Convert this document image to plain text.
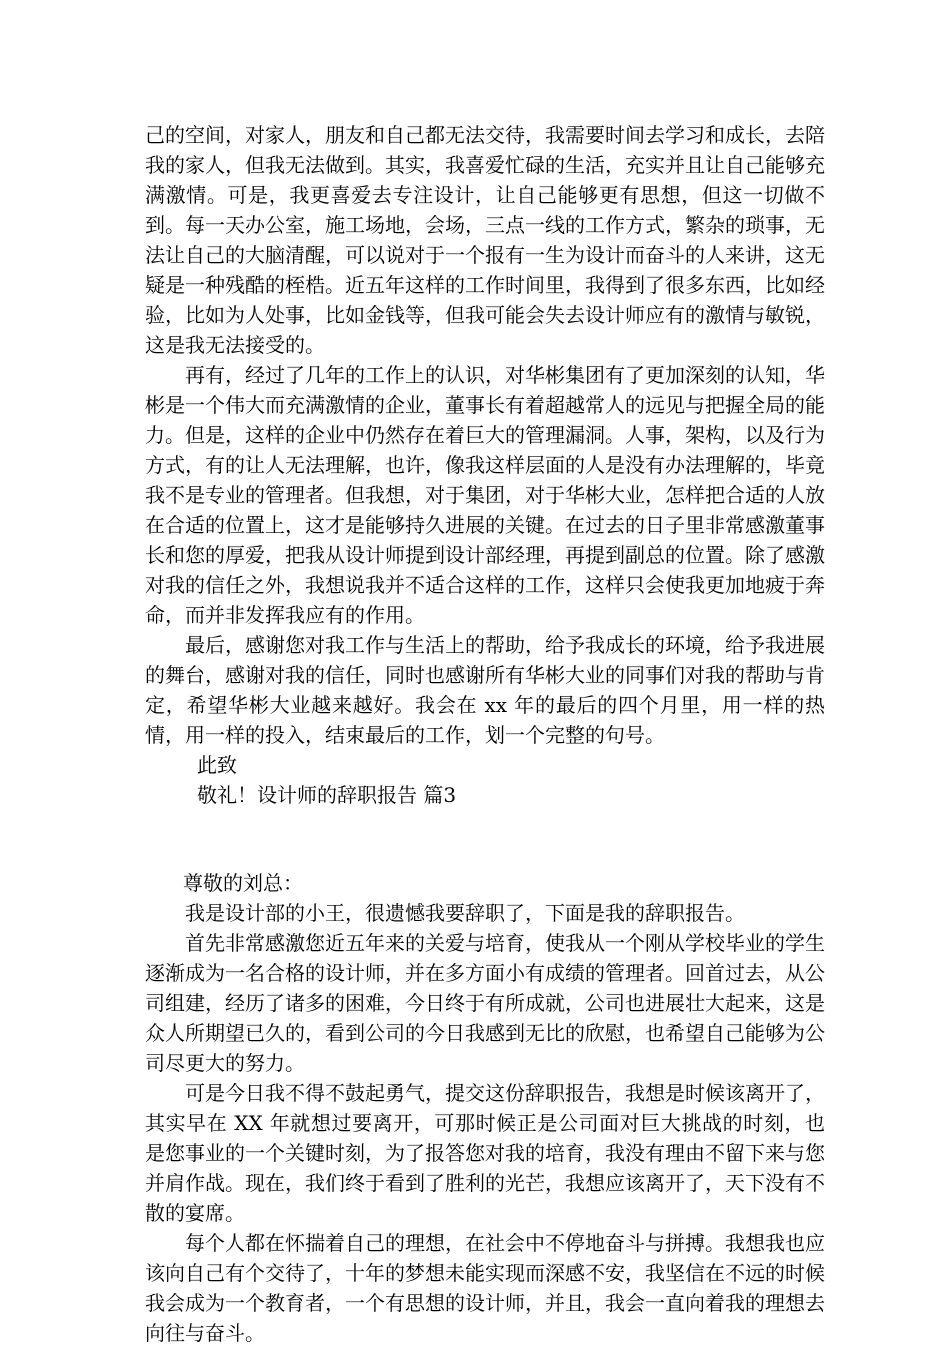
己的空间，对家人，朋友和自己都无法交待，我需要时间去学习和成长，去陪我的家人，但我无法做到。其实，我喜爱忙碌的生活，充实并且让自己能够充满激情。可是，我更喜爱去专注设计，让自己能够更有思想，但这一切做不到。每一天办公室，施工场地，会场，三点一线的工作方式，繁杂的琐事，无法让自己的大脑清醒，可以说对于一个报有一生为设计而奋斗的人来讲，这无疑是一种残酷的桎梏。近五年这样的工作时间里，我得到了很多东西，比如经验，比如为人处事，比如金钱等，但我可能会失去设计师应有的激情与敏锐，这是我无法接受的。

再有，经过了几年的工作上的认识，对华彬集团有了更加深刻的认知，华彬是一个伟大而充满激情的企业，董事长有着超越常人的远见与把握全局的能力。但是，这样的企业中仍然存在着巨大的管理漏洞。人事，架构，以及行为方式，有的让人无法理解，也许，像我这样层面的人是没有办法理解的，毕竟我不是专业的管理者。但我想，对于集团，对于华彬大业，怎样把合适的人放在合适的位置上，这才是能够持久进展的关键。在过去的日子里非常感激董事长和您的厚爱，把我从设计师提到设计部经理，再提到副总的位置。除了感激对我的信任之外，我想说我并不适合这样的工作，这样只会使我更加地疲于奔命，而并非发挥我应有的作用。

最后，感谢您对我工作与生活上的帮助，给予我成长的环境，给予我进展的舞台，感谢对我的信任，同时也感谢所有华彬大业的同事们对我的帮助与肯定，希望华彬大业越来越好。我会在 xx 年的最后的四个月里，用一样的热情，用一样的投入，结束最后的工作，划一个完整的句号。

此致

敬礼！设计师的辞职报告 篇3

尊敬的刘总：

我是设计部的小王，很遗憾我要辞职了，下面是我的辞职报告。

首先非常感激您近五年来的关爱与培育，使我从一个刚从学校毕业的学生逐渐成为一名合格的设计师，并在多方面小有成绩的管理者。回首过去，从公司组建，经历了诸多的困难，今日终于有所成就，公司也进展壮大起来，这是众人所期望已久的，看到公司的今日我感到无比的欣慰，也希望自己能够为公司尽更大的努力。

可是今日我不得不鼓起勇气，提交这份辞职报告，我想是时候该离开了，其实早在 XX 年就想过要离开，可那时候正是公司面对巨大挑战的时刻，也是您事业的一个关键时刻，为了报答您对我的培育，我没有理由不留下来与您并肩作战。现在，我们终于看到了胜利的光芒，我想应该离开了，天下没有不散的宴席。

每个人都在怀揣着自己的理想，在社会中不停地奋斗与拼搏。我想我也应该向自己有个交待了，十年的梦想未能实现而深感不安，我坚信在不远的时候我会成为一个教育者，一个有思想的设计师，并且，我会一直向着我的理想去向往与奋斗。
